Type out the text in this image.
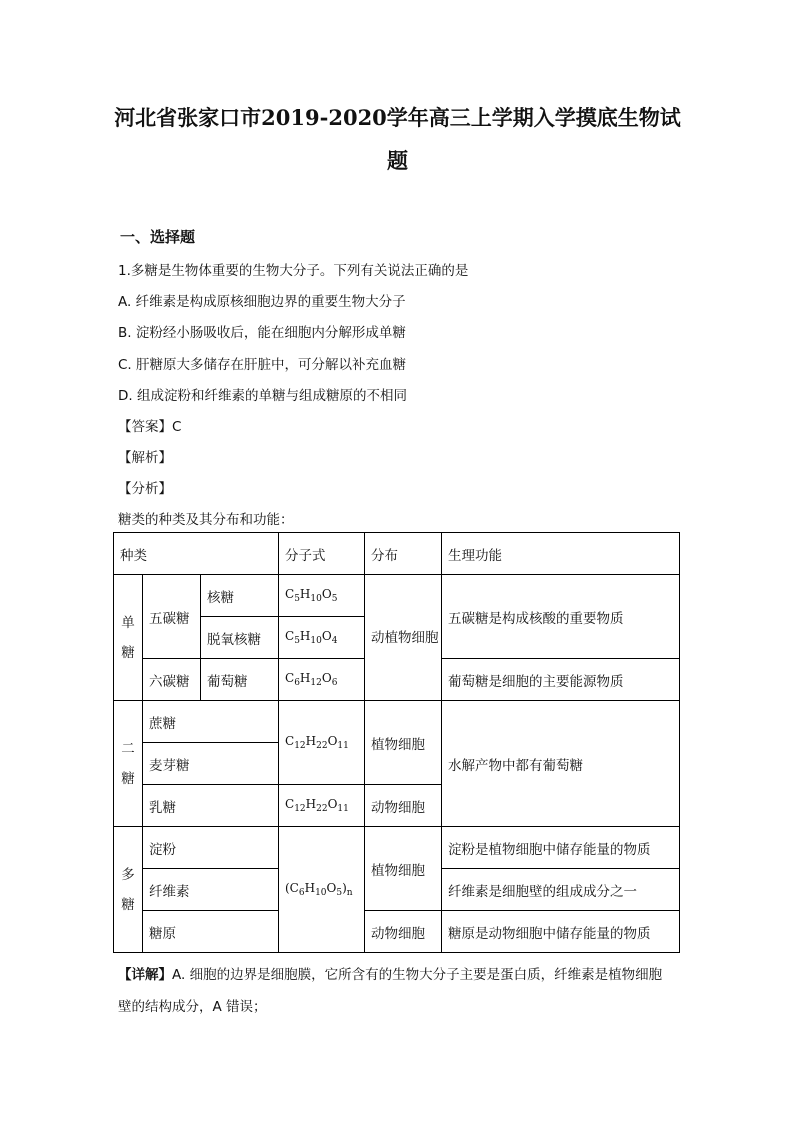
河北省张家口市2019-2020学年高三上学期入学摸底生物试
题
一、选择题
1.多糖是生物体重要的生物大分子。下列有关说法正确的是
A. 纤维素是构成原核细胞边界的重要生物大分子
B. 淀粉经小肠吸收后，能在细胞内分解形成单糖
C. 肝糖原大多储存在肝脏中，可分解以补充血糖
D. 组成淀粉和纤维素的单糖与组成糖原的不相同
【答案】C
【解析】
【分析】
糖类的种类及其分布和功能：
种类			分子式	分布	生理功能

单
糖	五碳糖	核糖	$C_5H_{10}O_5$	动植物细胞	五碳糖是构成核酸的重要物质
		脱氧核糖	$C_5H_{10}O_4$
	六碳糖	葡萄糖	$C_6H_{12}O_6$		葡萄糖是细胞的主要能源物质

二
糖	蔗糖		$C_{12}H_{22}O_{11}$	植物细胞	水解产物中都有葡萄糖
	麦芽糖				
	乳糖		$C_{12}H_{22}O_{11}$	动物细胞	

多
糖	淀粉		$(C_6H_{10}O_5)_n$	植物细胞	淀粉是植物细胞中储存能量的物质
	纤维素				纤维素是细胞壁的组成成分之一
	糖原			动物细胞	糖原是动物细胞中储存能量的物质
【详解】A. 细胞的边界是细胞膜，它所含有的生物大分子主要是蛋白质，纤维素是植物细胞
壁的结构成分，A 错误；
